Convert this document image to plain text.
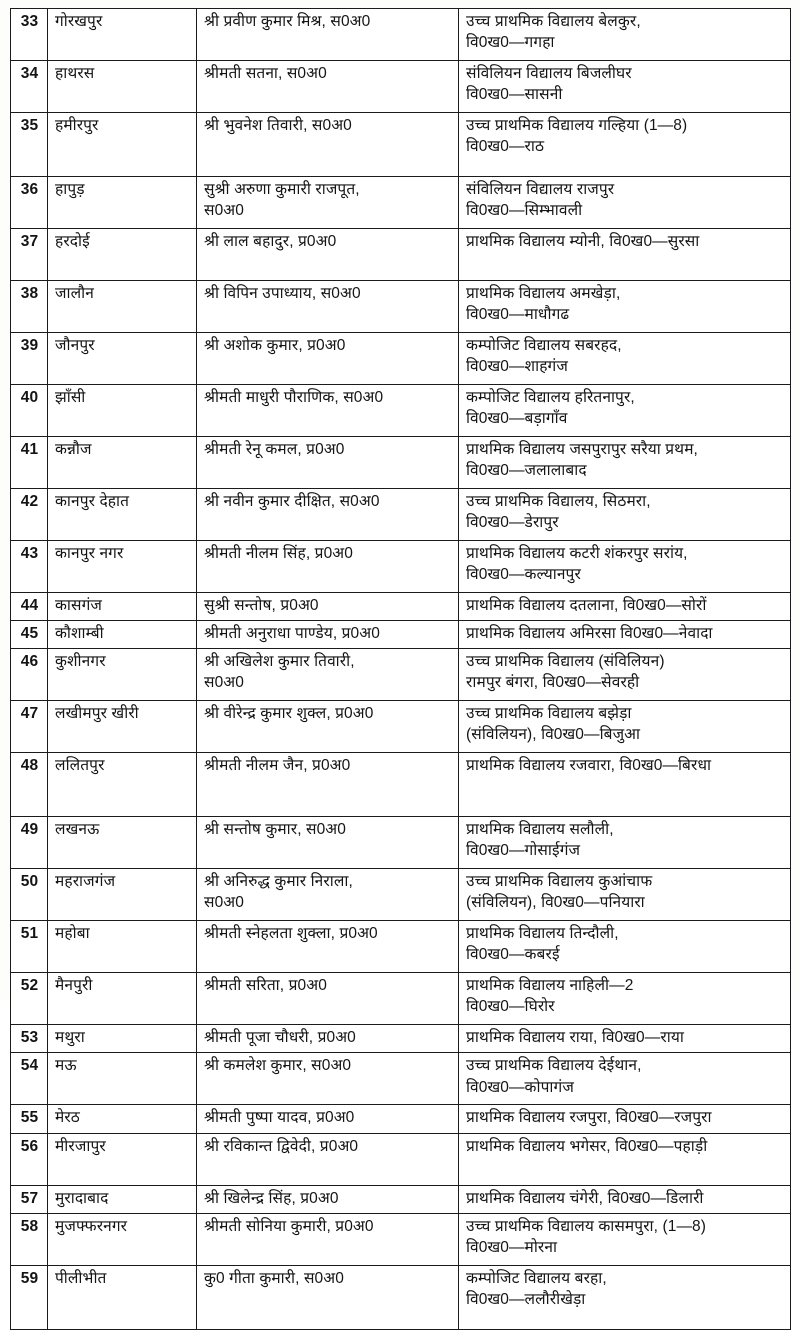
33	गोरखपुर	श्री प्रवीण कुमार मिश्र, स0अ0	उच्च प्राथमिक विद्यालय बेलकुर,
वि0ख0—गगहा

34	हाथरस	श्रीमती सतना, स0अ0	संविलियन विद्यालय बिजलीघर
वि0ख0—सासनी

35	हमीरपुर	श्री भुवनेश तिवारी, स0अ0	उच्च प्राथमिक विद्यालय गल्हिया (1—8)
वि0ख0—राठ

36	हापुड़	सुश्री अरुणा कुमारी राजपूत,
स0अ0	संविलियन विद्यालय राजपुर
वि0ख0—सिम्भावली

37	हरदोई	श्री लाल बहादुर, प्र0अ0	प्राथमिक विद्यालय म्योनी, वि0ख0—सुरसा

38	जालौन	श्री विपिन उपाध्याय, स0अ0	प्राथमिक विद्यालय अमखेड़ा,
वि0ख0—माधौगढ

39	जौनपुर	श्री अशोक कुमार, प्र0अ0	कम्पोजिट विद्यालय सबरहद,
वि0ख0—शाहगंज

40	झाँसी	श्रीमती माधुरी पौराणिक, स0अ0	कम्पोजिट विद्यालय हरितनापुर,
वि0ख0—बड़ागाँव

41	कन्नौज	श्रीमती रेनू कमल, प्र0अ0	प्राथमिक विद्यालय जसपुरापुर सरैया प्रथम,
वि0ख0—जलालाबाद

42	कानपुर देहात	श्री नवीन कुमार दीक्षित, स0अ0	उच्च प्राथमिक विद्यालय, सिठमरा,
वि0ख0—डेरापुर

43	कानपुर नगर	श्रीमती नीलम सिंह, प्र0अ0	प्राथमिक विद्यालय कटरी शंकरपुर सरांय,
वि0ख0—कल्यानपुर

44	कासगंज	सुश्री सन्तोष, प्र0अ0	प्राथमिक विद्यालय दतलाना, वि0ख0—सोरों

45	कौशाम्बी	श्रीमती अनुराधा पाण्डेय, प्र0अ0	प्राथमिक विद्यालय अमिरसा वि0ख0—नेवादा

46	कुशीनगर	श्री अखिलेश कुमार तिवारी,
स0अ0	उच्च प्राथमिक विद्यालय (संविलियन)
रामपुर बंगरा, वि0ख0—सेवरही

47	लखीमपुर खीरी	श्री वीरेन्द्र कुमार शुक्ल, प्र0अ0	उच्च प्राथमिक विद्यालय बझेड़ा
(संविलियन), वि0ख0—बिजुआ

48	ललितपुर	श्रीमती नीलम जैन, प्र0अ0	प्राथमिक विद्यालय रजवारा, वि0ख0—बिरधा

49	लखनऊ	श्री सन्तोष कुमार, स0अ0	प्राथमिक विद्यालय सलौली,
वि0ख0—गोसाईगंज

50	महराजगंज	श्री अनिरुद्ध कुमार निराला,
स0अ0	उच्च प्राथमिक विद्यालय कुआंचाफ
(संविलियन), वि0ख0—पनियारा

51	महोबा	श्रीमती स्नेहलता शुक्ला, प्र0अ0	प्राथमिक विद्यालय तिन्दौली,
वि0ख0—कबरई

52	मैनपुरी	श्रीमती सरिता, प्र0अ0	प्राथमिक विद्यालय नाहिली—2
वि0ख0—घिरोर

53	मथुरा	श्रीमती पूजा चौधरी, प्र0अ0	प्राथमिक विद्यालय राया, वि0ख0—राया

54	मऊ	श्री कमलेश कुमार, स0अ0	उच्च प्राथमिक विद्यालय देईथान,
वि0ख0—कोपागंज

55	मेरठ	श्रीमती पुष्पा यादव, प्र0अ0	प्राथमिक विद्यालय रजपुरा, वि0ख0—रजपुरा

56	मीरजापुर	श्री रविकान्त द्विवेदी, प्र0अ0	प्राथमिक विद्यालय भगेसर, वि0ख0—पहाड़ी

57	मुरादाबाद	श्री खिलेन्द्र सिंह, प्र0अ0	प्राथमिक विद्यालय चंगेरी, वि0ख0—डिलारी

58	मुजफ्फरनगर	श्रीमती सोनिया कुमारी, प्र0अ0	उच्च प्राथमिक विद्यालय कासमपुरा, (1—8)
वि0ख0—मोरना

59	पीलीभीत	कु0 गीता कुमारी, स0अ0	कम्पोजिट विद्यालय बरहा,
वि0ख0—ललौरीखेड़ा
